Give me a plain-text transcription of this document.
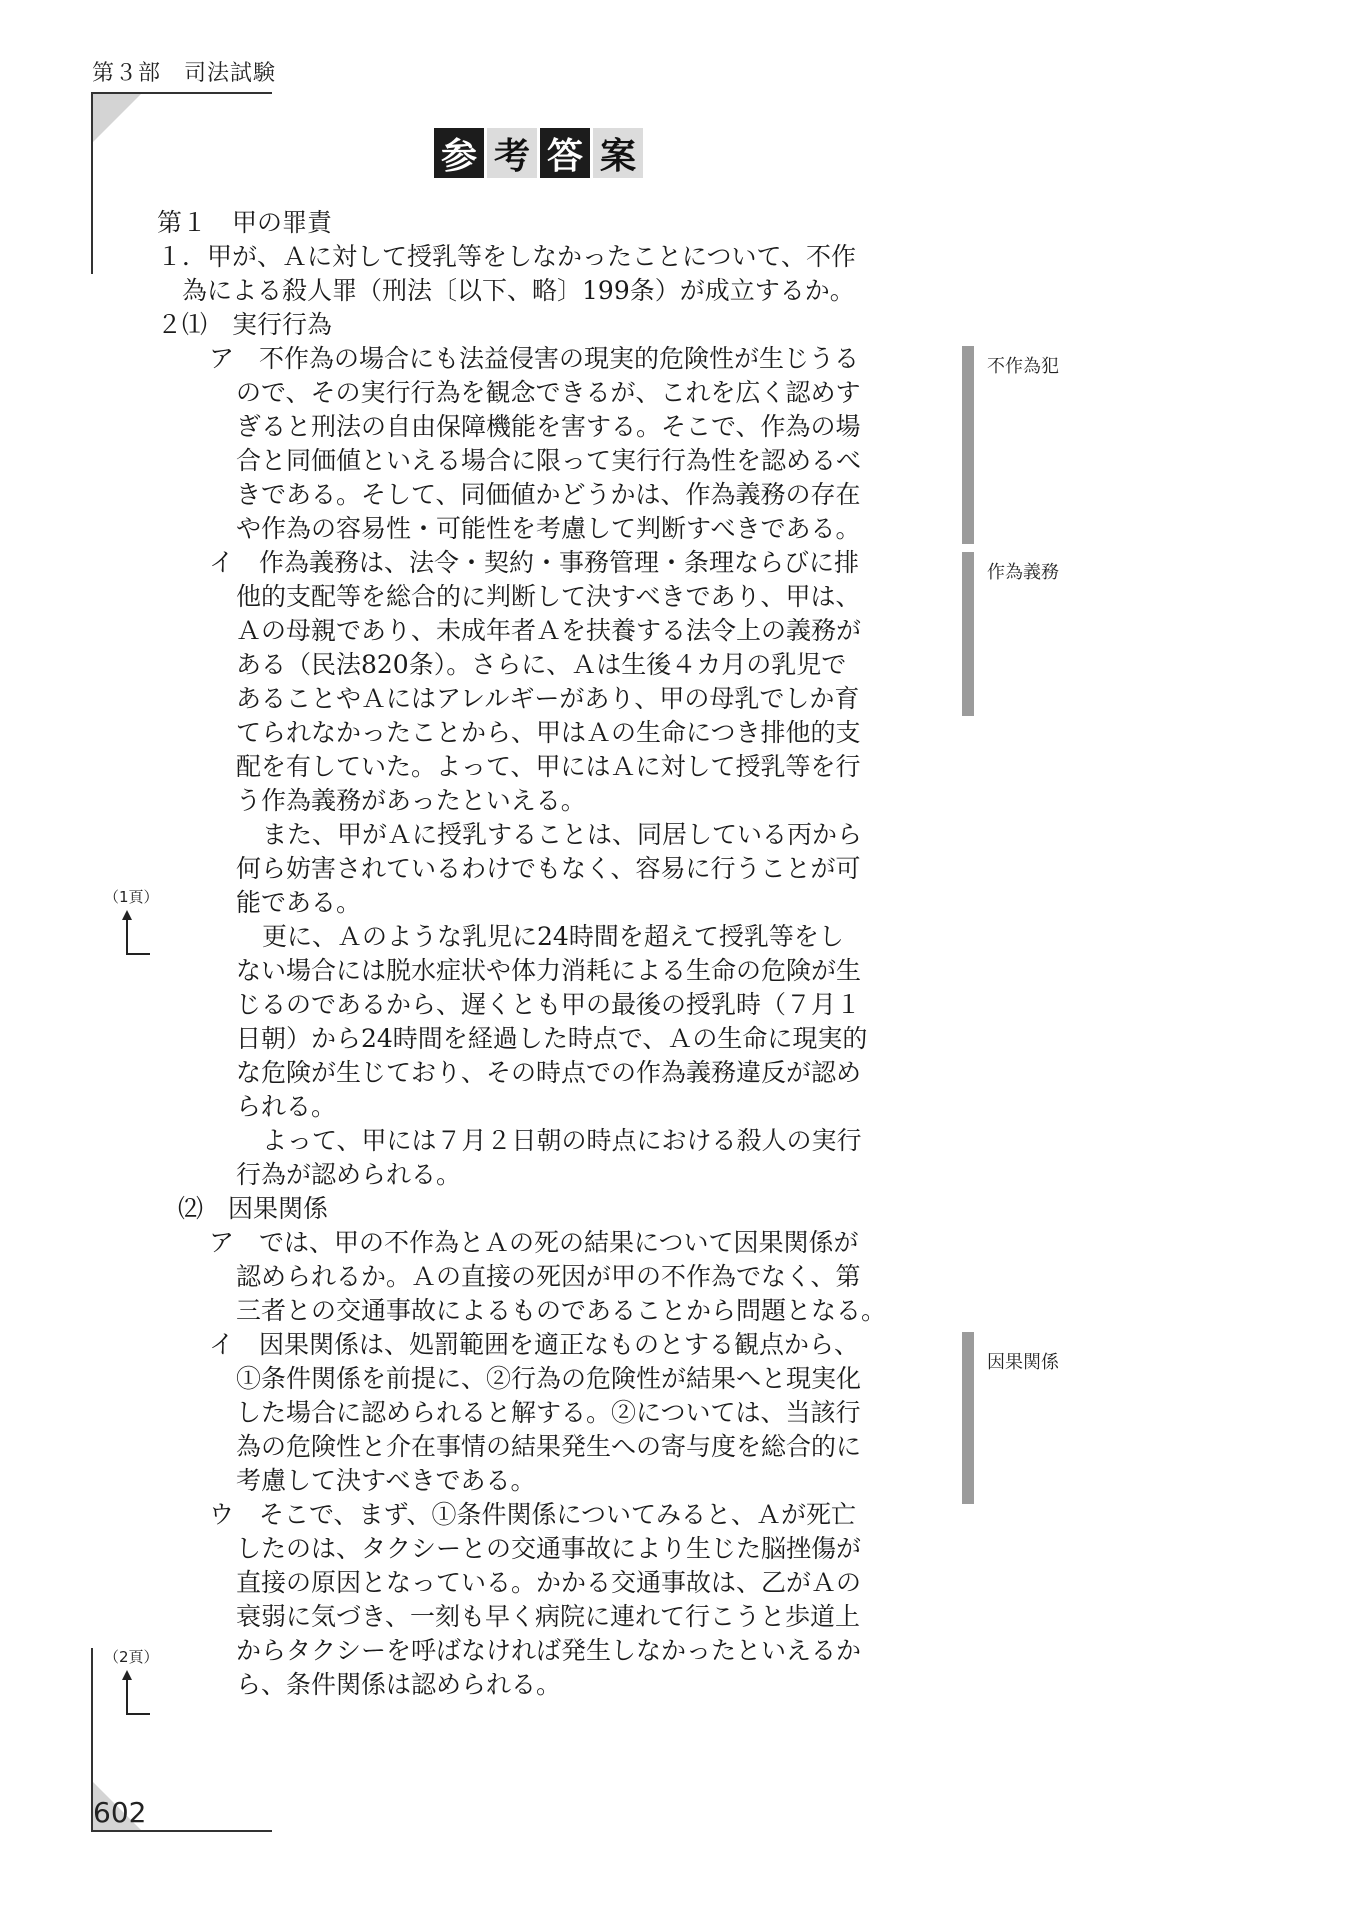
第３部　司法試験
602
参 考 答 案
第１　甲の罪責
１．甲が、Ａに対して授乳等をしなかったことについて、不作
為による殺人罪（刑法〔以下、略〕199条）が成立するか。
２⑴　実行行為
ア　不作為の場合にも法益侵害の現実的危険性が生じうる
ので、その実行行為を観念できるが、これを広く認めす
ぎると刑法の自由保障機能を害する。そこで、作為の場
合と同価値といえる場合に限って実行行為性を認めるべ
きである。そして、同価値かどうかは、作為義務の存在
や作為の容易性・可能性を考慮して判断すべきである。
イ　作為義務は、法令・契約・事務管理・条理ならびに排
他的支配等を総合的に判断して決すべきであり、甲は、
Ａの母親であり、未成年者Ａを扶養する法令上の義務が
ある（民法820条）。さらに、Ａは生後４カ月の乳児で
あることやＡにはアレルギーがあり、甲の母乳でしか育
てられなかったことから、甲はＡの生命につき排他的支
配を有していた。よって、甲にはＡに対して授乳等を行
う作為義務があったといえる。
また、甲がＡに授乳することは、同居している丙から
何ら妨害されているわけでもなく、容易に行うことが可
能である。
更に、Ａのような乳児に24時間を超えて授乳等をし
ない場合には脱水症状や体力消耗による生命の危険が生
じるのであるから、遅くとも甲の最後の授乳時（７月１
日朝）から24時間を経過した時点で、Ａの生命に現実的
な危険が生じており、その時点での作為義務違反が認め
られる。
よって、甲には７月２日朝の時点における殺人の実行
行為が認められる。
⑵　因果関係
ア　では、甲の不作為とＡの死の結果について因果関係が
認められるか。Ａの直接の死因が甲の不作為でなく、第
三者との交通事故によるものであることから問題となる。
イ　因果関係は、処罰範囲を適正なものとする観点から、
①条件関係を前提に、②行為の危険性が結果へと現実化
した場合に認められると解する。②については、当該行
為の危険性と介在事情の結果発生への寄与度を総合的に
考慮して決すべきである。
ウ　そこで、まず、①条件関係についてみると、Ａが死亡
したのは、タクシーとの交通事故により生じた脳挫傷が
直接の原因となっている。かかる交通事故は、乙がＡの
衰弱に気づき、一刻も早く病院に連れて行こうと歩道上
からタクシーを呼ばなければ発生しなかったといえるか
ら、条件関係は認められる。
不作為犯
作為義務
因果関係
（1頁）
（2頁）
